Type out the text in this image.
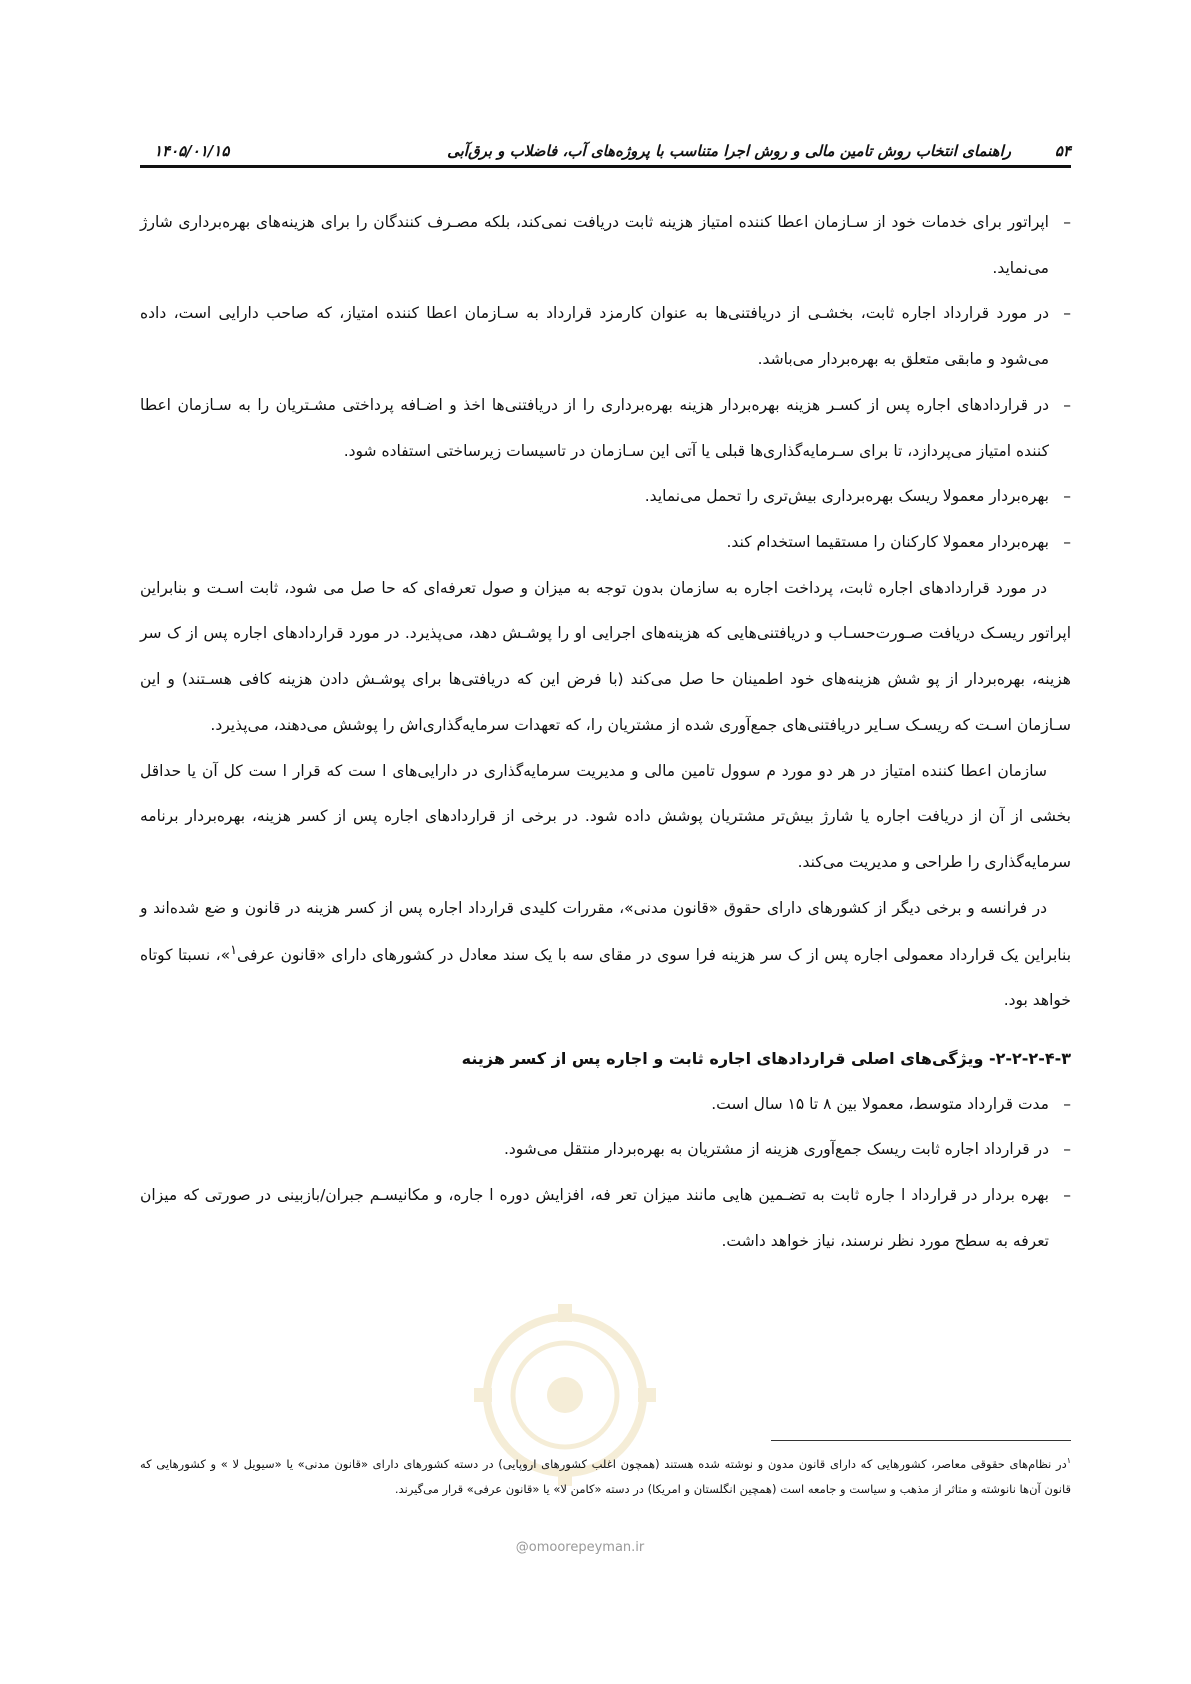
۵۴
راهنمای انتخاب روش تامین مالی و روش اجرا متناسب با پروژه‌های آب، فاضلاب و برق‌آبی
۱۴۰۵/۰۱/۱۵
– اپراتور برای خدمات خود از سـازمان اعطا کننده امتیاز هزینه ثابت دریافت نمی‌کند، بلکه مصـرف کنندگان را برای هزینه‌های بهره‌برداری شارژ می‌نماید.
– در مورد قرارداد اجاره ثابت، بخشـی از دریافتنی‌ها به عنوان کارمزد قرارداد به سـازمان اعطا کننده امتیاز، که صاحب دارایی است، داده می‌شود و مابقی متعلق به بهره‌بردار می‌باشد.
– در قراردادهای اجاره پس از کسـر هزینه بهره‌بردار هزینه بهره‌برداری را از دریافتنی‌ها اخذ و اضـافه پرداختی مشـتریان را به سـازمان اعطا کننده امتیاز می‌پردازد، تا برای سـرمایه‌گذاری‌ها قبلی یا آتی این سـازمان در تاسیسات زیرساختی استفاده شود.
– بهره‌بردار معمولا ریسک بهره‌برداری بیش‌تری را تحمل می‌نماید.
– بهره‌بردار معمولا کارکنان را مستقیما استخدام کند.

در مورد قراردادهای اجاره ثابت، پرداخت اجاره به سازمان بدون توجه به میزان و صول تعرفه‌ای که حا صل می شود، ثابت اسـت و بنابراین اپراتور ریسـک دریافت صـورت‌حسـاب و دریافتنی‌هایی که هزینه‌های اجرایی او را پوشـش دهد، می‌پذیرد. در مورد قراردادهای اجاره پس از ک سر هزینه، بهره‌بردار از پو شش هزینه‌های خود اطمینان حا صل می‌کند (با فرض این که دریافتی‌ها برای پوشـش دادن هزینه کافی هسـتند) و این سـازمان اسـت که ریسـک سـایر دریافتنی‌های جمع‌آوری شده از مشتریان را، که تعهدات سرمایه‌گذاری‌اش را پوشش می‌دهند، می‌پذیرد.

سازمان اعطا کننده امتیاز در هر دو مورد م سوول تامین مالی و مدیریت سرمایه‌گذاری در دارایی‌های ا ست که قرار ا ست کل آن یا حداقل بخشی از آن از دریافت اجاره یا شارژ بیش‌تر مشتریان پوشش داده شود. در برخی از قراردادهای اجاره پس از کسر هزینه، بهره‌بردار برنامه سرمایه‌گذاری را طراحی و مدیریت می‌کند.

در فرانسه و برخی دیگر از کشورهای دارای حقوق «قانون مدنی»، مقررات کلیدی قرارداد اجاره پس از کسر هزینه در قانون و ضع شده‌اند و بنابراین یک قرارداد معمولی اجاره پس از ک سر هزینه فرا سوی در مقای سه با یک سند معادل در کشورهای دارای «قانون عرفی$^۱$»، نسبتا کوتاه خواهد بود.

۲-۲-۲-۴-۳- ویژگی‌های اصلی قراردادهای اجاره ثابت و اجاره پس از کسر هزینه
– مدت قرارداد متوسط، معمولا بین ۸ تا ۱۵ سال است.
– در قرارداد اجاره ثابت ریسک جمع‌آوری هزینه از مشتریان به بهره‌بردار منتقل می‌شود.
– بهره بردار در قرارداد ا جاره ثابت به تضـمین هایی مانند میزان تعر فه، افزایش دوره ا جاره، و مکانیسـم جبران/بازبینی در صورتی که میزان تعرفه به سطح مورد نظر نرسند، نیاز خواهد داشت.
@omoorepeyman.ir
$^۱$در نظام‌های حقوقی معاصر، کشورهایی که دارای قانون مدون و نوشته شده هستند (همچون اغلب کشورهای اروپایی) در دسته کشورهای دارای «قانون مدنی» یا «سیویل لا » و کشورهایی که قانون آن‌ها نانوشته و متاثر از مذهب و سیاست و جامعه است (همچین انگلستان و امریکا) در دسته «کامن لا» یا «قانون عرفی» قرار می‌گیرند.
